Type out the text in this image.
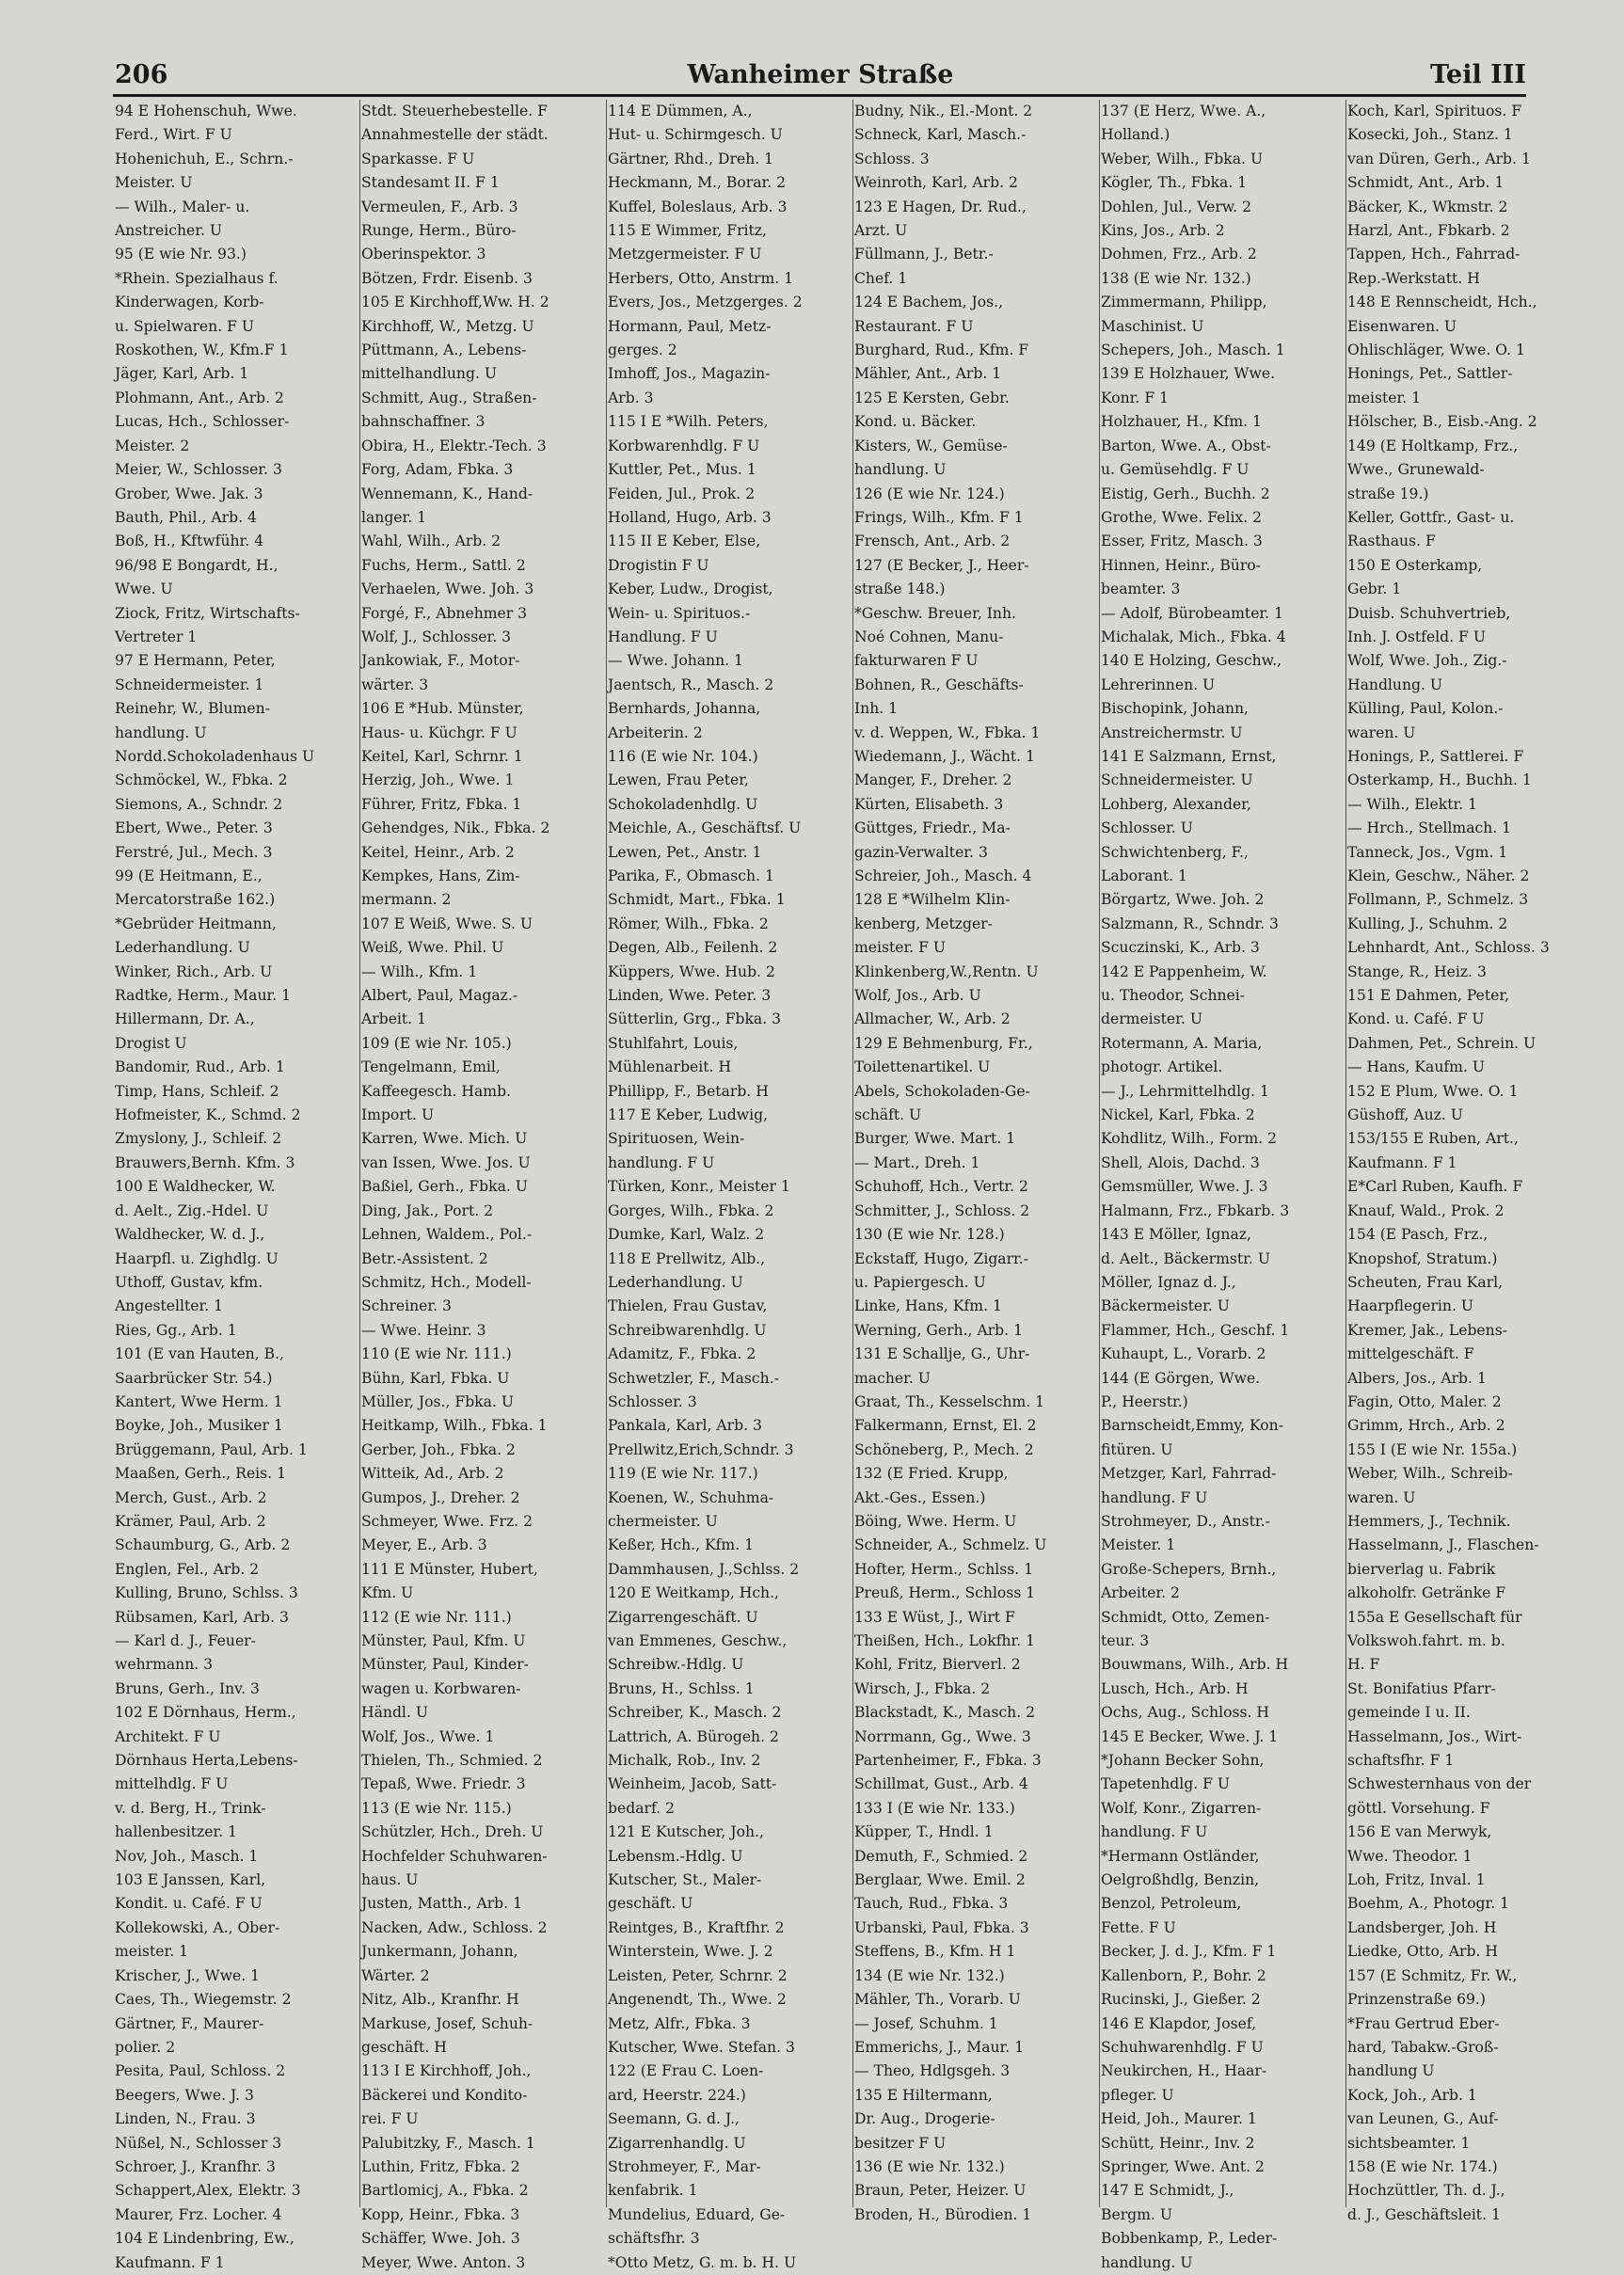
206	Wanheimer Straße	Teil III
94 E Hohenschuh, Wwe.
Ferd., Wirt. F U
Hohenichuh, E., Schrn.-
Meister. U
— Wilh., Maler- u.
Anstreicher. U
95 (E wie Nr. 93.)
*Rhein. Spezialhaus f.
Kinderwagen, Korb-
u. Spielwaren. F U
Roskothen, W., Kfm.F 1
Jäger, Karl, Arb. 1
Plohmann, Ant., Arb. 2
Lucas, Hch., Schlosser-
Meister. 2
Meier, W., Schlosser. 3
Grober, Wwe. Jak. 3
Bauth, Phil., Arb. 4
Boß, H., Kftwführ. 4
96/98 E Bongardt, H.,
Wwe. U
Ziock, Fritz, Wirtschafts-
Vertreter 1
97 E Hermann, Peter,
Schneidermeister. 1
Reinehr, W., Blumen-
handlung. U
Nordd.Schokoladenhaus U
Schmöckel, W., Fbka. 2
Siemons, A., Schndr. 2
Ebert, Wwe., Peter. 3
Ferstré, Jul., Mech. 3
99 (E Heitmann, E.,
Mercatorstraße 162.)
*Gebrüder Heitmann,
Lederhandlung. U
Winker, Rich., Arb. U
Radtke, Herm., Maur. 1
Hillermann, Dr. A.,
Drogist U
Bandomir, Rud., Arb. 1
Timp, Hans, Schleif. 2
Hofmeister, K., Schmd. 2
Zmyslony, J., Schleif. 2
Brauwers,Bernh. Kfm. 3
100 E Waldhecker, W.
d. Aelt., Zig.-Hdel. U
Waldhecker, W. d. J.,
Haarpfl. u. Zighdlg. U
Uthoff, Gustav, kfm.
Angestellter. 1
Ries, Gg., Arb. 1
101 (E van Hauten, B.,
Saarbrücker Str. 54.)
Kantert, Wwe Herm. 1
Boyke, Joh., Musiker 1
Brüggemann, Paul, Arb. 1
Maaßen, Gerh., Reis. 1
Merch, Gust., Arb. 2
Krämer, Paul, Arb. 2
Schaumburg, G., Arb. 2
Englen, Fel., Arb. 2
Kulling, Bruno, Schlss. 3
Rübsamen, Karl, Arb. 3
— Karl d. J., Feuer-
wehrmann. 3
Bruns, Gerh., Inv. 3
102 E Dörnhaus, Herm.,
Architekt. F U
Dörnhaus Herta,Lebens-
mittelhdlg. F U
v. d. Berg, H., Trink-
hallenbesitzer. 1
Nov, Joh., Masch. 1
103 E Janssen, Karl,
Kondit. u. Café. F U
Kollekowski, A., Ober-
meister. 1
Krischer, J., Wwe. 1
Caes, Th., Wiegemstr. 2
Gärtner, F., Maurer-
polier. 2
Pesita, Paul, Schloss. 2
Beegers, Wwe. J. 3
Linden, N., Frau. 3
Nüßel, N., Schlosser 3
Schroer, J., Kranfhr. 3
Schappert,Alex, Elektr. 3
Maurer, Frz. Locher. 4
104 E Lindenbring, Ew.,
Kaufmann. F 1
Stdt. Steuerhebestelle. F
Annahmestelle der städt.
Sparkasse. F U
Standesamt II. F 1
Vermeulen, F., Arb. 3
Runge, Herm., Büro-
Oberinspektor. 3
Bötzen, Frdr. Eisenb. 3
105 E Kirchhoff,Ww. H. 2
Kirchhoff, W., Metzg. U
Püttmann, A., Lebens-
mittelhandlung. U
Schmitt, Aug., Straßen-
bahnschaffner. 3
Obira, H., Elektr.-Tech. 3
Forg, Adam, Fbka. 3
Wennemann, K., Hand-
langer. 1
Wahl, Wilh., Arb. 2
Fuchs, Herm., Sattl. 2
Verhaelen, Wwe. Joh. 3
Forgé, F., Abnehmer 3
Wolf, J., Schlosser. 3
Jankowiak, F., Motor-
wärter. 3
106 E *Hub. Münster,
Haus- u. Küchgr. F U
Keitel, Karl, Schrnr. 1
Herzig, Joh., Wwe. 1
Führer, Fritz, Fbka. 1
Gehendges, Nik., Fbka. 2
Keitel, Heinr., Arb. 2
Kempkes, Hans, Zim-
mermann. 2
107 E Weiß, Wwe. S. U
Weiß, Wwe. Phil. U
— Wilh., Kfm. 1
Albert, Paul, Magaz.-
Arbeit. 1
109 (E wie Nr. 105.)
Tengelmann, Emil,
Kaffeegesch. Hamb.
Import. U
Karren, Wwe. Mich. U
van Issen, Wwe. Jos. U
Baßiel, Gerh., Fbka. U
Ding, Jak., Port. 2
Lehnen, Waldem., Pol.-
Betr.-Assistent. 2
Schmitz, Hch., Modell-
Schreiner. 3
— Wwe. Heinr. 3
110 (E wie Nr. 111.)
Bühn, Karl, Fbka. U
Müller, Jos., Fbka. U
Heitkamp, Wilh., Fbka. 1
Gerber, Joh., Fbka. 2
Witteik, Ad., Arb. 2
Gumpos, J., Dreher. 2
Schmeyer, Wwe. Frz. 2
Meyer, E., Arb. 3
111 E Münster, Hubert,
Kfm. U
112 (E wie Nr. 111.)
Münster, Paul, Kfm. U
Münster, Paul, Kinder-
wagen u. Korbwaren-
Händl. U
Wolf, Jos., Wwe. 1
Thielen, Th., Schmied. 2
Tepaß, Wwe. Friedr. 3
113 (E wie Nr. 115.)
Schützler, Hch., Dreh. U
Hochfelder Schuhwaren-
haus. U
Justen, Matth., Arb. 1
Nacken, Adw., Schloss. 2
Junkermann, Johann,
Wärter. 2
Nitz, Alb., Kranfhr. H
Markuse, Josef, Schuh-
geschäft. H
113 I E Kirchhoff, Joh.,
Bäckerei und Kondito-
rei. F U
Palubitzky, F., Masch. 1
Luthin, Fritz, Fbka. 2
Bartlomicj, A., Fbka. 2
Kopp, Heinr., Fbka. 3
Schäffer, Wwe. Joh. 3
Meyer, Wwe. Anton. 3
114 E Dümmen, A.,
Hut- u. Schirmgesch. U
Gärtner, Rhd., Dreh. 1
Heckmann, M., Borar. 2
Kuffel, Boleslaus, Arb. 3
115 E Wimmer, Fritz,
Metzgermeister. F U
Herbers, Otto, Anstrm. 1
Evers, Jos., Metzgerges. 2
Hormann, Paul, Metz-
gerges. 2
Imhoff, Jos., Magazin-
Arb. 3
115 I E *Wilh. Peters,
Korbwarenhdlg. F U
Kuttler, Pet., Mus. 1
Feiden, Jul., Prok. 2
Holland, Hugo, Arb. 3
115 II E Keber, Else,
Drogistin F U
Keber, Ludw., Drogist,
Wein- u. Spirituos.-
Handlung. F U
— Wwe. Johann. 1
Jaentsch, R., Masch. 2
Bernhards, Johanna,
Arbeiterin. 2
116 (E wie Nr. 104.)
Lewen, Frau Peter,
Schokoladenhdlg. U
Meichle, A., Geschäftsf. U
Lewen, Pet., Anstr. 1
Parika, F., Obmasch. 1
Schmidt, Mart., Fbka. 1
Römer, Wilh., Fbka. 2
Degen, Alb., Feilenh. 2
Küppers, Wwe. Hub. 2
Linden, Wwe. Peter. 3
Sütterlin, Grg., Fbka. 3
Stuhlfahrt, Louis,
Mühlenarbeit. H
Phillipp, F., Betarb. H
117 E Keber, Ludwig,
Spirituosen, Wein-
handlung. F U
Türken, Konr., Meister 1
Gorges, Wilh., Fbka. 2
Dumke, Karl, Walz. 2
118 E Prellwitz, Alb.,
Lederhandlung. U
Thielen, Frau Gustav,
Schreibwarenhdlg. U
Adamitz, F., Fbka. 2
Schwetzler, F., Masch.-
Schlosser. 3
Pankala, Karl, Arb. 3
Prellwitz,Erich,Schndr. 3
119 (E wie Nr. 117.)
Koenen, W., Schuhma-
chermeister. U
Keßer, Hch., Kfm. 1
Dammhausen, J.,Schlss. 2
120 E Weitkamp, Hch.,
Zigarrengeschäft. U
van Emmenes, Geschw.,
Schreibw.-Hdlg. U
Bruns, H., Schlss. 1
Schreiber, K., Masch. 2
Lattrich, A. Bürogeh. 2
Michalk, Rob., Inv. 2
Weinheim, Jacob, Satt-
bedarf. 2
121 E Kutscher, Joh.,
Lebensm.-Hdlg. U
Kutscher, St., Maler-
geschäft. U
Reintges, B., Kraftfhr. 2
Winterstein, Wwe. J. 2
Leisten, Peter, Schrnr. 2
Angenendt, Th., Wwe. 2
Metz, Alfr., Fbka. 3
Kutscher, Wwe. Stefan. 3
122 (E Frau C. Loen-
ard, Heerstr. 224.)
Seemann, G. d. J.,
Zigarrenhandlg. U
Strohmeyer, F., Mar-
kenfabrik. 1
Mundelius, Eduard, Ge-
schäftsfhr. 3
*Otto Metz, G. m. b. H. U
Budny, Nik., El.-Mont. 2
Schneck, Karl, Masch.-
Schloss. 3
Weinroth, Karl, Arb. 2
123 E Hagen, Dr. Rud.,
Arzt. U
Füllmann, J., Betr.-
Chef. 1
124 E Bachem, Jos.,
Restaurant. F U
Burghard, Rud., Kfm. F
Mähler, Ant., Arb. 1
125 E Kersten, Gebr.
Kond. u. Bäcker.
Kisters, W., Gemüse-
handlung. U
126 (E wie Nr. 124.)
Frings, Wilh., Kfm. F 1
Frensch, Ant., Arb. 2
127 (E Becker, J., Heer-
straße 148.)
*Geschw. Breuer, Inh.
Noé Cohnen, Manu-
fakturwaren F U
Bohnen, R., Geschäfts-
Inh. 1
v. d. Weppen, W., Fbka. 1
Wiedemann, J., Wächt. 1
Manger, F., Dreher. 2
Kürten, Elisabeth. 3
Güttges, Friedr., Ma-
gazin-Verwalter. 3
Schreier, Joh., Masch. 4
128 E *Wilhelm Klin-
kenberg, Metzger-
meister. F U
Klinkenberg,W.,Rentn. U
Wolf, Jos., Arb. U
Allmacher, W., Arb. 2
129 E Behmenburg, Fr.,
Toilettenartikel. U
Abels, Schokoladen-Ge-
schäft. U
Burger, Wwe. Mart. 1
— Mart., Dreh. 1
Schuhoff, Hch., Vertr. 2
Schmitter, J., Schloss. 2
130 (E wie Nr. 128.)
Eckstaff, Hugo, Zigarr.-
u. Papiergesch. U
Linke, Hans, Kfm. 1
Werning, Gerh., Arb. 1
131 E Schallje, G., Uhr-
macher. U
Graat, Th., Kesselschm. 1
Falkermann, Ernst, El. 2
Schöneberg, P., Mech. 2
132 (E Fried. Krupp,
Akt.-Ges., Essen.)
Böing, Wwe. Herm. U
Schneider, A., Schmelz. U
Hofter, Herm., Schlss. 1
Preuß, Herm., Schloss 1
133 E Wüst, J., Wirt F
Theißen, Hch., Lokfhr. 1
Kohl, Fritz, Bierverl. 2
Wirsch, J., Fbka. 2
Blackstadt, K., Masch. 2
Norrmann, Gg., Wwe. 3
Partenheimer, F., Fbka. 3
Schillmat, Gust., Arb. 4
133 I (E wie Nr. 133.)
Küpper, T., Hndl. 1
Demuth, F., Schmied. 2
Berglaar, Wwe. Emil. 2
Tauch, Rud., Fbka. 3
Urbanski, Paul, Fbka. 3
Steffens, B., Kfm. H 1
134 (E wie Nr. 132.)
Mähler, Th., Vorarb. U
— Josef, Schuhm. 1
Emmerichs, J., Maur. 1
— Theo, Hdlgsgeh. 3
135 E Hiltermann,
Dr. Aug., Drogerie-
besitzer F U
136 (E wie Nr. 132.)
Braun, Peter, Heizer. U
Broden, H., Bürodien. 1
137 (E Herz, Wwe. A.,
Holland.)
Weber, Wilh., Fbka. U
Kögler, Th., Fbka. 1
Dohlen, Jul., Verw. 2
Kins, Jos., Arb. 2
Dohmen, Frz., Arb. 2
138 (E wie Nr. 132.)
Zimmermann, Philipp,
Maschinist. U
Schepers, Joh., Masch. 1
139 E Holzhauer, Wwe.
Konr. F 1
Holzhauer, H., Kfm. 1
Barton, Wwe. A., Obst-
u. Gemüsehdlg. F U
Eistig, Gerh., Buchh. 2
Grothe, Wwe. Felix. 2
Esser, Fritz, Masch. 3
Hinnen, Heinr., Büro-
beamter. 3
— Adolf, Bürobeamter. 1
Michalak, Mich., Fbka. 4
140 E Holzing, Geschw.,
Lehrerinnen. U
Bischopink, Johann,
Anstreichermstr. U
141 E Salzmann, Ernst,
Schneidermeister. U
Lohberg, Alexander,
Schlosser. U
Schwichtenberg, F.,
Laborant. 1
Börgartz, Wwe. Joh. 2
Salzmann, R., Schndr. 3
Scuczinski, K., Arb. 3
142 E Pappenheim, W.
u. Theodor, Schnei-
dermeister. U
Rotermann, A. Maria,
photogr. Artikel.
— J., Lehrmittelhdlg. 1
Nickel, Karl, Fbka. 2
Kohdlitz, Wilh., Form. 2
Shell, Alois, Dachd. 3
Gemsmüller, Wwe. J. 3
Halmann, Frz., Fbkarb. 3
143 E Möller, Ignaz,
d. Aelt., Bäckermstr. U
Möller, Ignaz d. J.,
Bäckermeister. U
Flammer, Hch., Geschf. 1
Kuhaupt, L., Vorarb. 2
144 (E Görgen, Wwe.
P., Heerstr.)
Barnscheidt,Emmy, Kon-
fitüren. U
Metzger, Karl, Fahrrad-
handlung. F U
Strohmeyer, D., Anstr.-
Meister. 1
Große-Schepers, Brnh.,
Arbeiter. 2
Schmidt, Otto, Zemen-
teur. 3
Bouwmans, Wilh., Arb. H
Lusch, Hch., Arb. H
Ochs, Aug., Schloss. H
145 E Becker, Wwe. J. 1
*Johann Becker Sohn,
Tapetenhdlg. F U
Wolf, Konr., Zigarren-
handlung. F U
*Hermann Ostländer,
Oelgroßhdlg, Benzin,
Benzol, Petroleum,
Fette. F U
Becker, J. d. J., Kfm. F 1
Kallenborn, P., Bohr. 2
Rucinski, J., Gießer. 2
146 E Klapdor, Josef,
Schuhwarenhdlg. F U
Neukirchen, H., Haar-
pfleger. U
Heid, Joh., Maurer. 1
Schütt, Heinr., Inv. 2
Springer, Wwe. Ant. 2
147 E Schmidt, J.,
Bergm. U
Bobbenkamp, P., Leder-
handlung. U
Koch, Karl, Spirituos. F
Kosecki, Joh., Stanz. 1
van Düren, Gerh., Arb. 1
Schmidt, Ant., Arb. 1
Bäcker, K., Wkmstr. 2
Harzl, Ant., Fbkarb. 2
Tappen, Hch., Fahrrad-
Rep.-Werkstatt. H
148 E Rennscheidt, Hch.,
Eisenwaren. U
Ohlischläger, Wwe. O. 1
Honings, Pet., Sattler-
meister. 1
Hölscher, B., Eisb.-Ang. 2
149 (E Holtkamp, Frz.,
Wwe., Grunewald-
straße 19.)
Keller, Gottfr., Gast- u.
Rasthaus. F
150 E Osterkamp,
Gebr. 1
Duisb. Schuhvertrieb,
Inh. J. Ostfeld. F U
Wolf, Wwe. Joh., Zig.-
Handlung. U
Külling, Paul, Kolon.-
waren. U
Honings, P., Sattlerei. F
Osterkamp, H., Buchh. 1
— Wilh., Elektr. 1
— Hrch., Stellmach. 1
Tanneck, Jos., Vgm. 1
Klein, Geschw., Näher. 2
Follmann, P., Schmelz. 3
Kulling, J., Schuhm. 2
Lehnhardt, Ant., Schloss. 3
Stange, R., Heiz. 3
151 E Dahmen, Peter,
Kond. u. Café. F U
Dahmen, Pet., Schrein. U
— Hans, Kaufm. U
152 E Plum, Wwe. O. 1
Güshoff, Auz. U
153/155 E Ruben, Art.,
Kaufmann. F 1
E*Carl Ruben, Kaufh. F
Knauf, Wald., Prok. 2
154 (E Pasch, Frz.,
Knopshof, Stratum.)
Scheuten, Frau Karl,
Haarpflegerin. U
Kremer, Jak., Lebens-
mittelgeschäft. F
Albers, Jos., Arb. 1
Fagin, Otto, Maler. 2
Grimm, Hrch., Arb. 2
155 I (E wie Nr. 155a.)
Weber, Wilh., Schreib-
waren. U
Hemmers, J., Technik.
Hasselmann, J., Flaschen-
bierverlag u. Fabrik
alkoholfr. Getränke F
155a E Gesellschaft für
Volkswoh.fahrt. m. b.
H. F
St. Bonifatius Pfarr-
gemeinde I u. II.
Hasselmann, Jos., Wirt-
schaftsfhr. F 1
Schwesternhaus von der
göttl. Vorsehung. F
156 E van Merwyk,
Wwe. Theodor. 1
Loh, Fritz, Inval. 1
Boehm, A., Photogr. 1
Landsberger, Joh. H
Liedke, Otto, Arb. H
157 (E Schmitz, Fr. W.,
Prinzenstraße 69.)
*Frau Gertrud Eber-
hard, Tabakw.-Groß-
handlung U
Kock, Joh., Arb. 1
van Leunen, G., Auf-
sichtsbeamter. 1
158 (E wie Nr. 174.)
Hochzüttler, Th. d. J.,
d. J., Geschäftsleit. 1
